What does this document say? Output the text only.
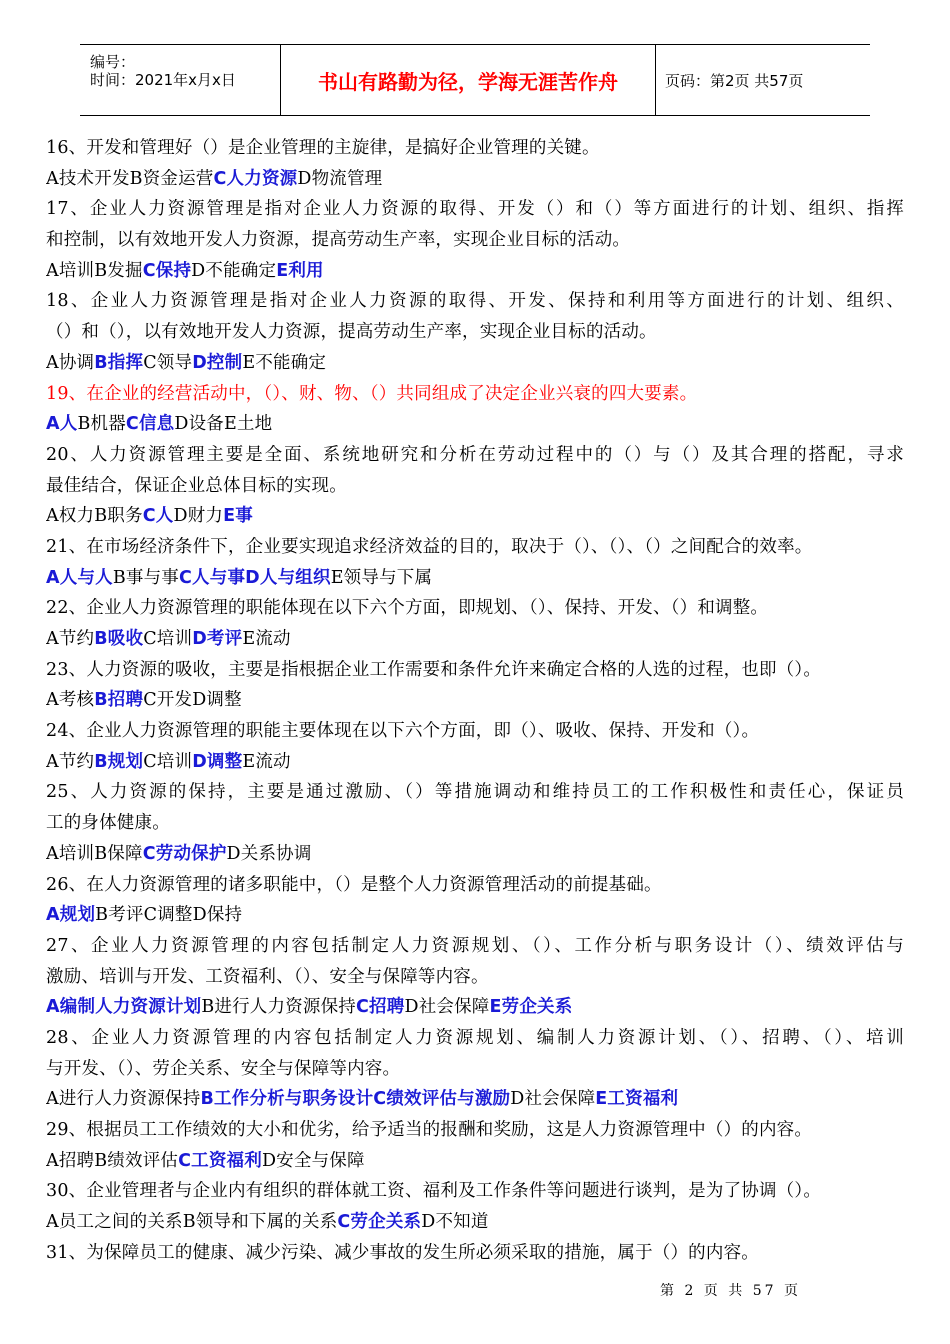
编号：
时间：2021年x月x日	书山有路勤为径，学海无涯苦作舟	页码：第2页 共57页
16、开发和管理好（）是企业管理的主旋律，是搞好企业管理的关键。
A技术开发B资金运营C人力资源D物流管理
17、企业人力资源管理是指对企业人力资源的取得、开发（）和（）等方面进行的计划、组织、指挥
和控制，以有效地开发人力资源，提高劳动生产率，实现企业目标的活动。
A培训B发掘C保持D不能确定E利用
18、企业人力资源管理是指对企业人力资源的取得、开发、保持和利用等方面进行的计划、组织、
（）和（），以有效地开发人力资源，提高劳动生产率，实现企业目标的活动。
A协调B指挥C领导D控制E不能确定
19、在企业的经营活动中，（）、财、物、（）共同组成了决定企业兴衰的四大要素。
A人B机器C信息D设备E土地
20、人力资源管理主要是全面、系统地研究和分析在劳动过程中的（）与（）及其合理的搭配，寻求
最佳结合，保证企业总体目标的实现。
A权力B职务C人D财力E事
21、在市场经济条件下，企业要实现追求经济效益的目的，取决于（）、（）、（）之间配合的效率。
A人与人B事与事C人与事D人与组织E领导与下属
22、企业人力资源管理的职能体现在以下六个方面，即规划、（）、保持、开发、（）和调整。
A节约B吸收C培训D考评E流动
23、人力资源的吸收，主要是指根据企业工作需要和条件允许来确定合格的人选的过程，也即（）。
A考核B招聘C开发D调整
24、企业人力资源管理的职能主要体现在以下六个方面，即（）、吸收、保持、开发和（）。
A节约B规划C培训D调整E流动
25、人力资源的保持，主要是通过激励、（）等措施调动和维持员工的工作积极性和责任心，保证员
工的身体健康。
A培训B保障C劳动保护D关系协调
26、在人力资源管理的诸多职能中，（）是整个人力资源管理活动的前提基础。
A规划B考评C调整D保持
27、企业人力资源管理的内容包括制定人力资源规划、（）、工作分析与职务设计（）、绩效评估与
激励、培训与开发、工资福利、（）、安全与保障等内容。
A编制人力资源计划B进行人力资源保持C招聘D社会保障E劳企关系
28、企业人力资源管理的内容包括制定人力资源规划、编制人力资源计划、（）、招聘、（）、培训
与开发、（）、劳企关系、安全与保障等内容。
A进行人力资源保持B工作分析与职务设计C绩效评估与激励D社会保障E工资福利
29、根据员工工作绩效的大小和优劣，给予适当的报酬和奖励，这是人力资源管理中（）的内容。
A招聘B绩效评估C工资福利D安全与保障
30、企业管理者与企业内有组织的群体就工资、福利及工作条件等问题进行谈判，是为了协调（）。
A员工之间的关系B领导和下属的关系C劳企关系D不知道
31、为保障员工的健康、减少污染、减少事故的发生所必须采取的措施，属于（）的内容。
第 2 页 共 57 页
